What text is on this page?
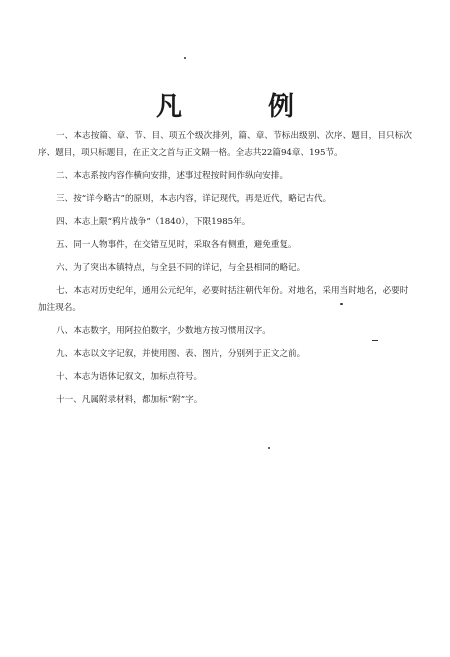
凡　例

一、本志按篇、章、节、目、项五个级次排列，篇、章、节标出级别、次序、题目，目只标次序、题目，项只标题目，在正文之首与正文隔一格。全志共22篇94章、195节。

二、本志系按内容作横向安排，述事过程按时间作纵向安排。

三、按“详今略古”的原则，本志内容，详记现代，再是近代，略记古代。

四、本志上限“鸦片战争”（1840），下限1985年。

五、同一人物事件，在交错互见时，采取各有侧重，避免重复。

六、为了突出本镇特点，与全县不同的详记，与全县相同的略记。

七、本志对历史纪年，通用公元纪年，必要时括注朝代年份。对地名，采用当时地名，必要时加注现名。

八、本志数字，用阿拉伯数字，少数地方按习惯用汉字。

九、本志以文字记叙，并使用图、表、图片，分别列于正文之前。

十、本志为语体记叙文，加标点符号。

十一、凡属附录材料，都加标“附”字。
